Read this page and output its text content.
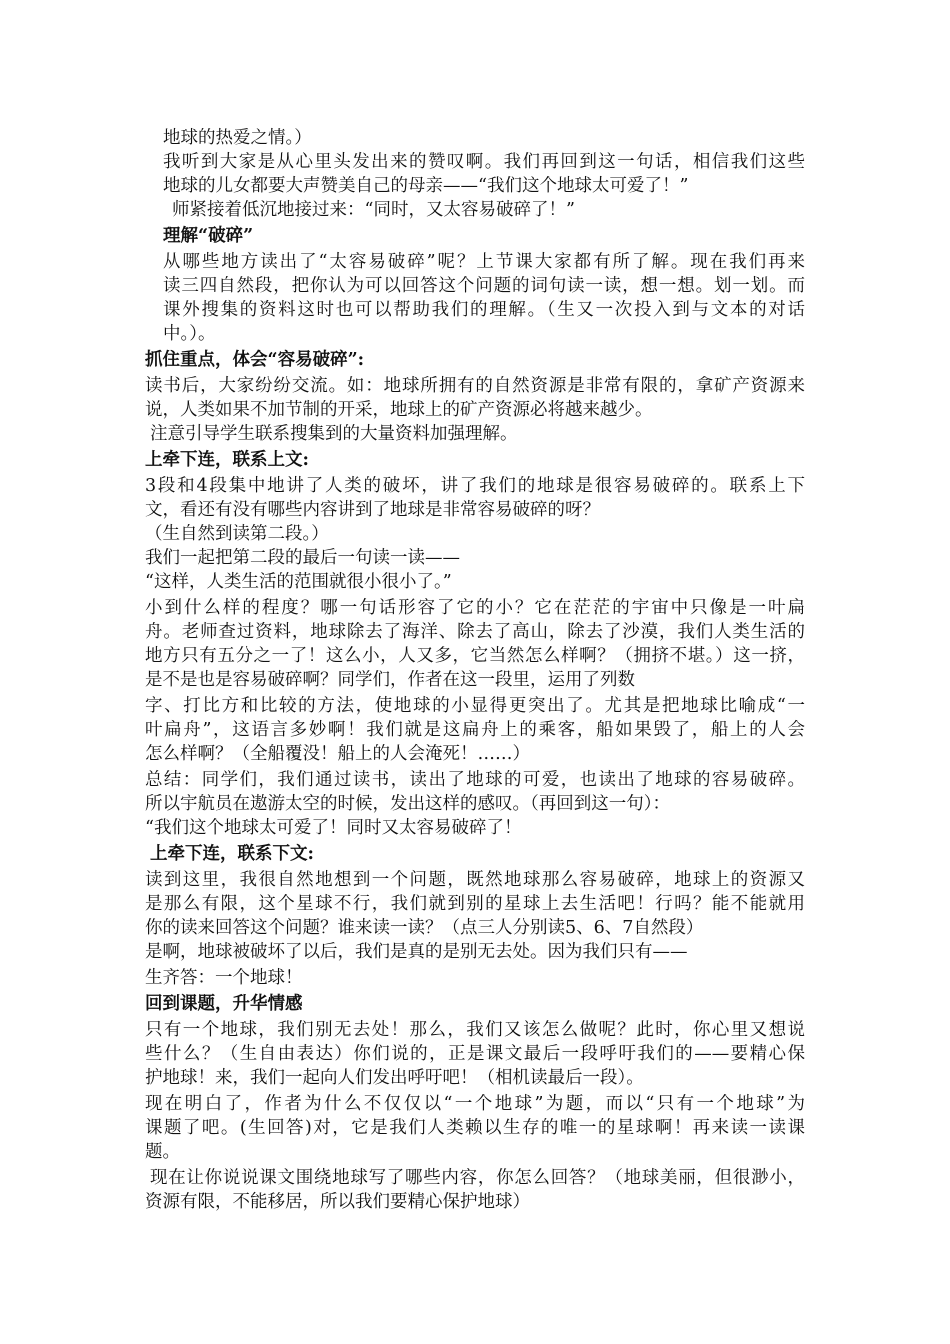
地球的热爱之情。）
我听到大家是从心里头发出来的赞叹啊。我们再回到这一句话，相信我们这些
地球的儿女都要大声赞美自己的母亲——“我们这个地球太可爱了！”
师紧接着低沉地接过来：“同时，又太容易破碎了！”
理解“破碎”
从哪些地方读出了“太容易破碎”呢？上节课大家都有所了解。现在我们再来
读三四自然段，把你认为可以回答这个问题的词句读一读，想一想。划一划。而
课外搜集的资料这时也可以帮助我们的理解。（生又一次投入到与文本的对话
中。）。
抓住重点，体会“容易破碎”:
读书后，大家纷纷交流。如：地球所拥有的自然资源是非常有限的，拿矿产资源来
说，人类如果不加节制的开采，地球上的矿产资源必将越来越少。
注意引导学生联系搜集到的大量资料加强理解。
上牵下连，联系上文:
3段和4段集中地讲了人类的破坏，讲了我们的地球是很容易破碎的。联系上下
文，看还有没有哪些内容讲到了地球是非常容易破碎的呀？
（生自然到读第二段。）
我们一起把第二段的最后一句读一读——
“这样，人类生活的范围就很小很小了。”
小到什么样的程度？哪一句话形容了它的小？它在茫茫的宇宙中只像是一叶扁
舟。老师查过资料，地球除去了海洋、除去了高山，除去了沙漠，我们人类生活的
地方只有五分之一了！这么小，人又多，它当然怎么样啊？（拥挤不堪。）这一挤，
是不是也是容易破碎啊？同学们，作者在这一段里，运用了列数
字、打比方和比较的方法，使地球的小显得更突出了。尤其是把地球比喻成“一
叶扁舟”，这语言多妙啊！我们就是这扁舟上的乘客，船如果毁了，船上的人会
怎么样啊？（全船覆没！船上的人会淹死！……）
总结：同学们，我们通过读书，读出了地球的可爱，也读出了地球的容易破碎。
所以宇航员在遨游太空的时候，发出这样的感叹。（再回到这一句）：
“我们这个地球太可爱了！同时又太容易破碎了！
上牵下连，联系下文:
读到这里，我很自然地想到一个问题，既然地球那么容易破碎，地球上的资源又
是那么有限，这个星球不行，我们就到别的星球上去生活吧！行吗？能不能就用
你的读来回答这个问题？谁来读一读？（点三人分别读5、6、7自然段）
是啊，地球被破坏了以后，我们是真的是别无去处。因为我们只有——
生齐答：一个地球！
回到课题，升华情感
只有一个地球，我们别无去处！那么，我们又该怎么做呢？此时，你心里又想说
些什么？（生自由表达）你们说的，正是课文最后一段呼吁我们的——要精心保
护地球！来，我们一起向人们发出呼吁吧！（相机读最后一段）。
现在明白了，作者为什么不仅仅以“一个地球”为题，而以“只有一个地球”为
课题了吧。(生回答)对，它是我们人类赖以生存的唯一的星球啊！再来读一读课
题。
现在让你说说课文围绕地球写了哪些内容，你怎么回答？（地球美丽，但很渺小，
资源有限，不能移居，所以我们要精心保护地球）
